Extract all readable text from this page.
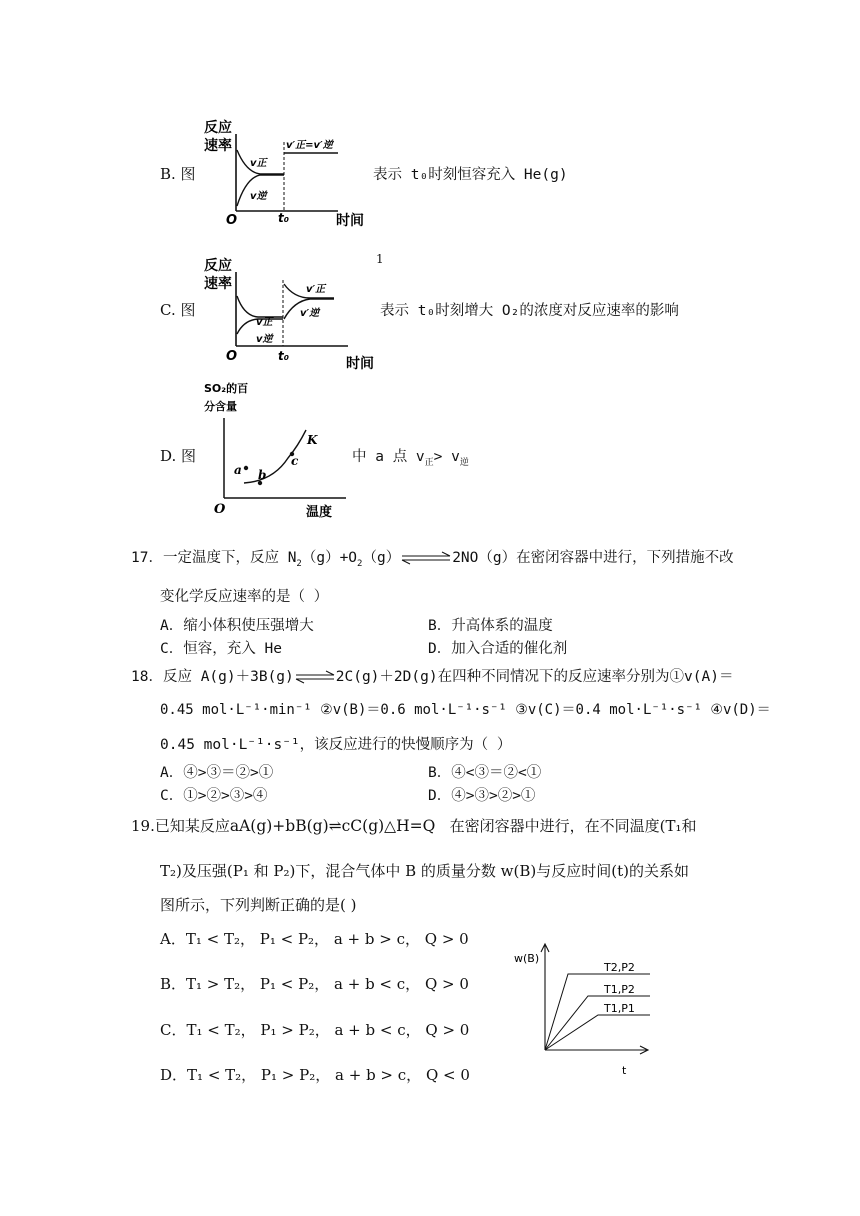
B. 图
反应
速率
v正
v逆
v′正=v′逆
O	t₀	时间
表示 t₀时刻恒容充入 He(g)
1
C. 图
反应
速率
v正
v逆
v′正
v′逆
O	t₀	时间
表示 t₀时刻增大 O₂的浓度对反应速率的影响
D. 图
SO₂的百
分含量
a b
c
K
O	温度
中 a 点 $v_正> v_逆$
17．一定温度下，反应 $N_2(g)+O_2(g)$	2NO（g）在密闭容器中进行，下列措施不改
变化学反应速率的是（ ）
A．缩小体积使压强增大	B．升高体系的温度
C．恒容，充入 He	D．加入合适的催化剂
18．反应 A(g)＋3B(g)	2C(g)＋2D(g)在四种不同情况下的反应速率分别为①v(A)＝
0.45 mol·L⁻¹·min⁻¹ ②v(B)＝0.6 mol·L⁻¹·s⁻¹ ③v(C)＝0.4 mol·L⁻¹·s⁻¹ ④v(D)＝
0.45 mol·L⁻¹·s⁻¹，该反应进行的快慢顺序为（ ）
A．④>③＝②>①	B．④<③＝②<①
C．①>②>③>④	D．④>③>②>①
19.已知某反应aA(g)+bB(g)⇌cC(g)△H=Q 在密闭容器中进行，在不同温度(T₁和
T₂)及压强(P₁ 和 P₂)下，混合气体中 B 的质量分数 w(B)与反应时间(t)的关系如
图所示，下列判断正确的是( )
A．T₁ < T₂， P₁ < P₂， a + b > c， Q > 0
B．T₁ > T₂， P₁ < P₂， a + b < c， Q > 0
C．T₁ < T₂， P₁ > P₂， a + b < c， Q > 0
D．T₁ < T₂， P₁ > P₂， a + b > c， Q < 0
w(B)
T2,P2
T1,P2
T1,P1
t
